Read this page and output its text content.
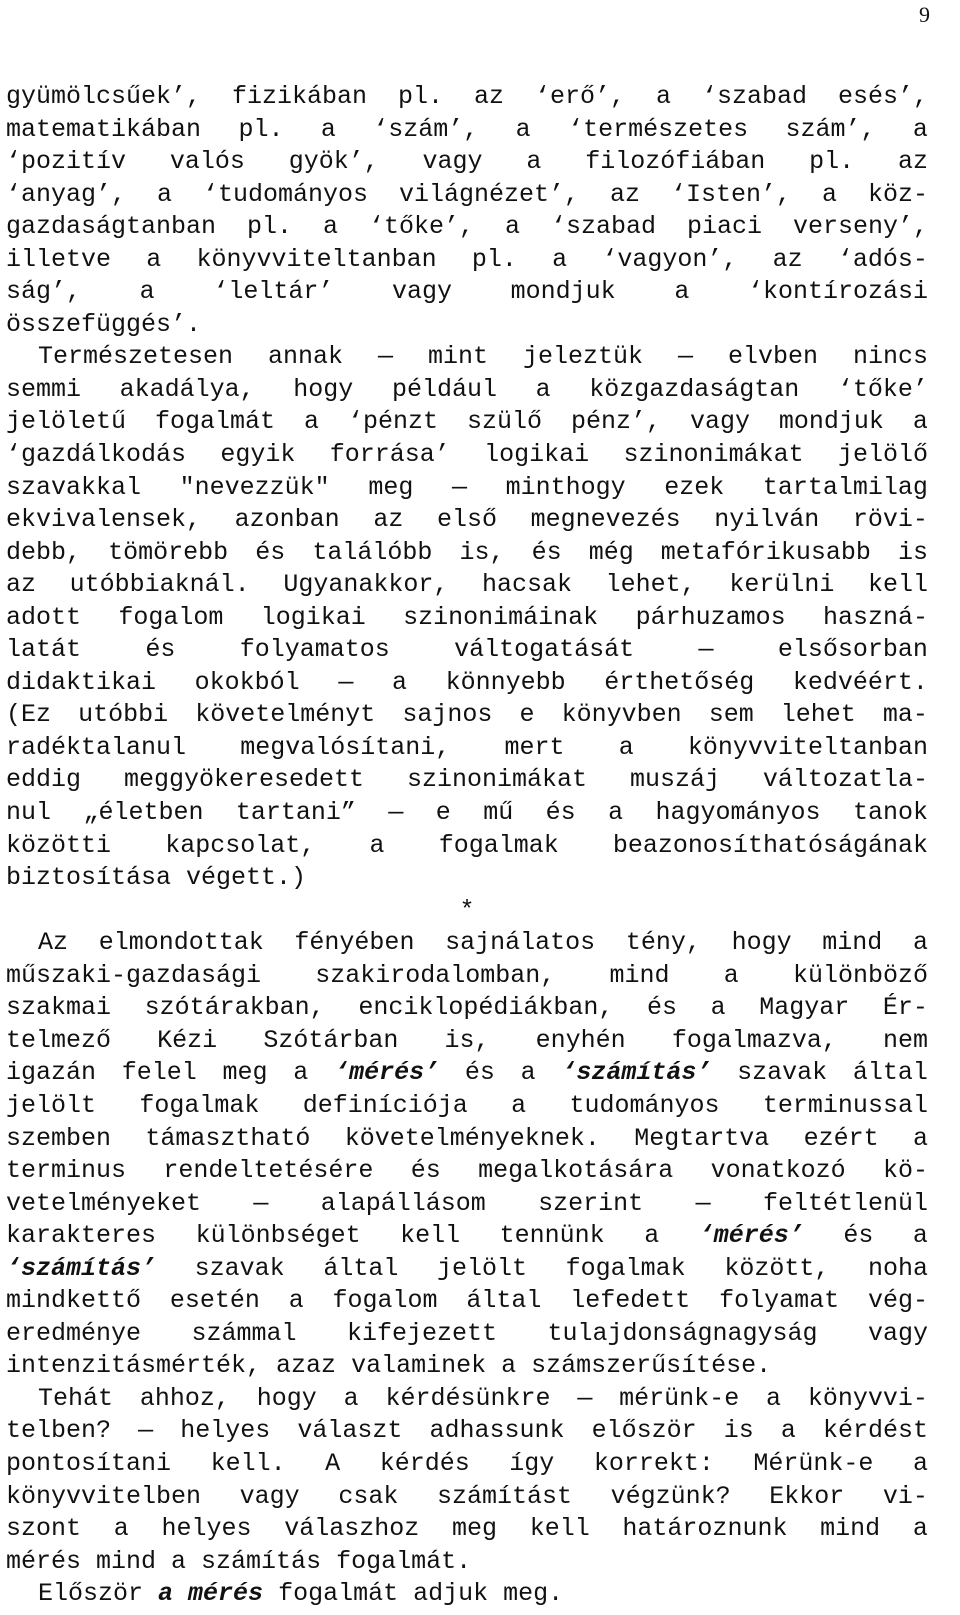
9
gyümölcsűek’, fizikában pl. az ‘erő’, a ‘szabad esés’,
matematikában pl. a ‘szám’, a ‘természetes szám’, a
‘pozitív valós gyök’, vagy a filozófiában pl. az
‘anyag’, a ‘tudományos világnézet’, az ‘Isten’, a köz-
gazdaságtanban pl. a ‘tőke’, a ‘szabad piaci verseny’,
illetve a könyvviteltanban pl. a ‘vagyon’, az ‘adós-
ság’, a ‘leltár’ vagy mondjuk a ‘kontírozási
összefüggés’.
Természetesen annak — mint jeleztük — elvben nincs
semmi akadálya, hogy például a közgazdaságtan ‘tőke’
jelöletű fogalmát a ‘pénzt szülő pénz’, vagy mondjuk a
‘gazdálkodás egyik forrása’ logikai szinonimákat jelölő
szavakkal "nevezzük" meg — minthogy ezek tartalmilag
ekvivalensek, azonban az első megnevezés nyilván rövi-
debb, tömörebb és találóbb is, és még metafórikusabb is
az utóbbiaknál. Ugyanakkor, hacsak lehet, kerülni kell
adott fogalom logikai szinonimáinak párhuzamos haszná-
latát	és	folyamatos	váltogatását	—	elsősorban
didaktikai okokból — a könnyebb érthetőség kedvéért.
(Ez utóbbi követelményt sajnos e könyvben sem lehet ma-
radéktalanul megvalósítani, mert a könyvviteltanban
eddig meggyökeresedett szinonimákat muszáj változatla-
nul „életben tartani” — e mű és a hagyományos tanok
közötti kapcsolat, a fogalmak beazonosíthatóságának
biztosítása végett.)
*
Az elmondottak fényében sajnálatos tény, hogy mind a
műszaki-gazdasági szakirodalomban, mind a különböző
szakmai szótárakban, enciklopédiákban, és a Magyar Ér-
telmező Kézi Szótárban is, enyhén fogalmazva, nem
igazán felel meg a ‘mérés’ és a ‘számítás’ szavak által
jelölt fogalmak definíciója a tudományos terminussal
szemben támasztható követelményeknek. Megtartva ezért a
terminus rendeltetésére és megalkotására vonatkozó kö-
vetelményeket — alapállásom szerint — feltétlenül
karakteres különbséget kell tennünk a ‘mérés’ és a
‘számítás’ szavak által jelölt fogalmak között, noha
mindkettő esetén a fogalom által lefedett folyamat vég-
eredménye számmal kifejezett tulajdonságnagyság vagy
intenzitásmérték, azaz valaminek a számszerűsítése.
Tehát ahhoz, hogy a kérdésünkre — mérünk-e a könyvvi-
telben? — helyes választ adhassunk először is a kérdést
pontosítani kell. A kérdés így korrekt: Mérünk-e a
könyvvitelben vagy csak számítást végzünk? Ekkor vi-
szont a helyes válaszhoz meg kell határoznunk mind a
mérés mind a számítás fogalmát.
Először a mérés fogalmát adjuk meg.
